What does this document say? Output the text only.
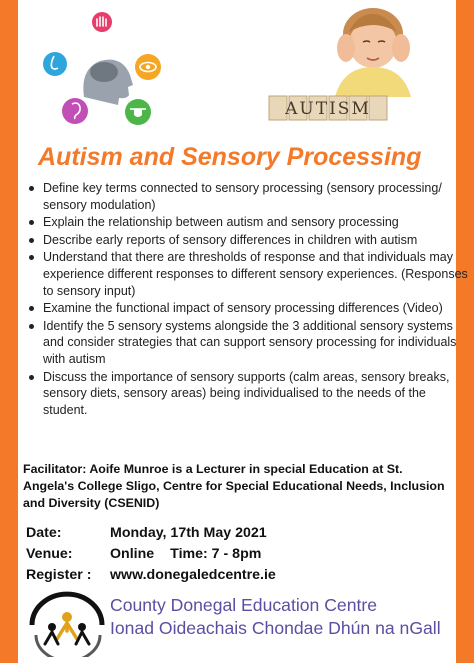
AUTISM
Autism and Sensory Processing
Define key terms connected to sensory processing (sensory processing/ sensory modulation)
Explain the relationship between autism and sensory processing
Describe early reports of sensory differences in children with autism
Understand that there are thresholds of response and that individuals may experience different responses to different sensory experiences. (Responses to sensory input)
Examine the functional impact of sensory processing differences (Video)
Identify the 5 sensory systems alongside the 3 additional sensory systems and consider strategies that can support sensory processing for individuals with autism
Discuss the importance of sensory supports (calm areas, sensory breaks, sensory diets, sensory areas) being individualised to the needs of the student.
Facilitator: Aoife Munroe is a Lecturer in special Education at St. Angela's College Sligo, Centre for Special Educational Needs, Inclusion and Diversity (CSENID)
Date:	Monday, 17th May 2021
Venue:	Online Time: 7 - 8pm
Register :	www.donegaledcentre.ie
County Donegal Education Centre
Ionad Oideachais Chondae Dhún na nGall
